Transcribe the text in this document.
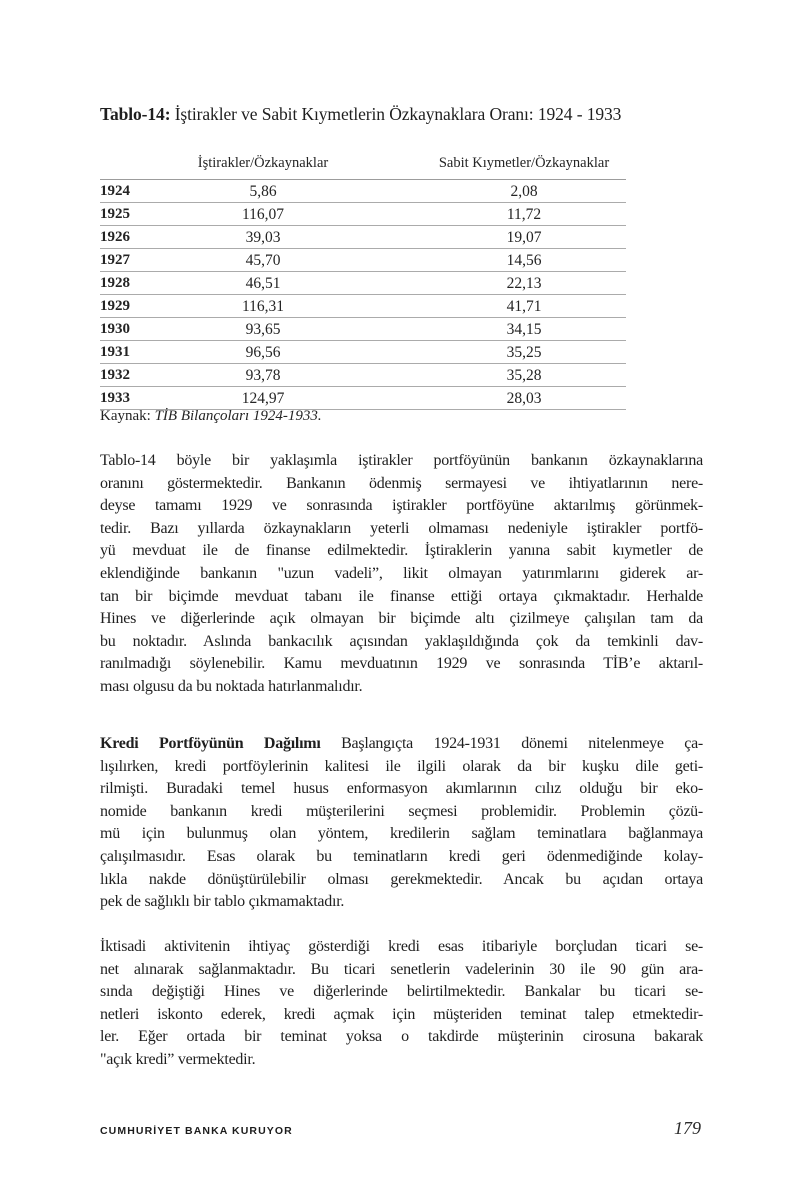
Tablo-14: İştirakler ve Sabit Kıymetlerin Özkaynaklara Oranı: 1924 - 1933
	İştirakler/Özkaynaklar	Sabit Kıymetler/Özkaynaklar
1924	5,86	2,08
1925	116,07	11,72
1926	39,03	19,07
1927	45,70	14,56
1928	46,51	22,13
1929	116,31	41,71
1930	93,65	34,15
1931	96,56	35,25
1932	93,78	35,28
1933	124,97	28,03
Kaynak: TİB Bilançoları 1924-1933.
Tablo-14 böyle bir yaklaşımla iştirakler portföyünün bankanın özkaynaklarına
oranını göstermektedir. Bankanın ödenmiş sermayesi ve ihtiyatlarının nere-
deyse tamamı 1929 ve sonrasında iştirakler portföyüne aktarılmış görünmek-
tedir. Bazı yıllarda özkaynakların yeterli olmaması nedeniyle iştirakler portfö-
yü mevduat ile de finanse edilmektedir. İştiraklerin yanına sabit kıymetler de
eklendiğinde bankanın "uzun vadeli”, likit olmayan yatırımlarını giderek ar-
tan bir biçimde mevduat tabanı ile finanse ettiği ortaya çıkmaktadır. Herhalde
Hines ve diğerlerinde açık olmayan bir biçimde altı çizilmeye çalışılan tam da
bu noktadır. Aslında bankacılık açısından yaklaşıldığında çok da temkinli dav-
ranılmadığı söylenebilir. Kamu mevduatının 1929 ve sonrasında TİB’e aktarıl-
ması olgusu da bu noktada hatırlanmalıdır.
Kredi Portföyünün Dağılımı Başlangıçta 1924-1931 dönemi nitelenmeye ça-
lışılırken, kredi portföylerinin kalitesi ile ilgili olarak da bir kuşku dile geti-
rilmişti. Buradaki temel husus enformasyon akımlarının cılız olduğu bir eko-
nomide bankanın kredi müşterilerini seçmesi problemidir. Problemin çözü-
mü için bulunmuş olan yöntem, kredilerin sağlam teminatlara bağlanmaya
çalışılmasıdır. Esas olarak bu teminatların kredi geri ödenmediğinde kolay-
lıkla nakde dönüştürülebilir olması gerekmektedir. Ancak bu açıdan ortaya
pek de sağlıklı bir tablo çıkmamaktadır.
İktisadi aktivitenin ihtiyaç gösterdiği kredi esas itibariyle borçludan ticari se-
net alınarak sağlanmaktadır. Bu ticari senetlerin vadelerinin 30 ile 90 gün ara-
sında değiştiği Hines ve diğerlerinde belirtilmektedir. Bankalar bu ticari se-
netleri iskonto ederek, kredi açmak için müşteriden teminat talep etmektedir-
ler. Eğer ortada bir teminat yoksa o takdirde müşterinin cirosuna bakarak
"açık kredi” vermektedir.
CUMHURİYET BANKA KURUYOR	179
